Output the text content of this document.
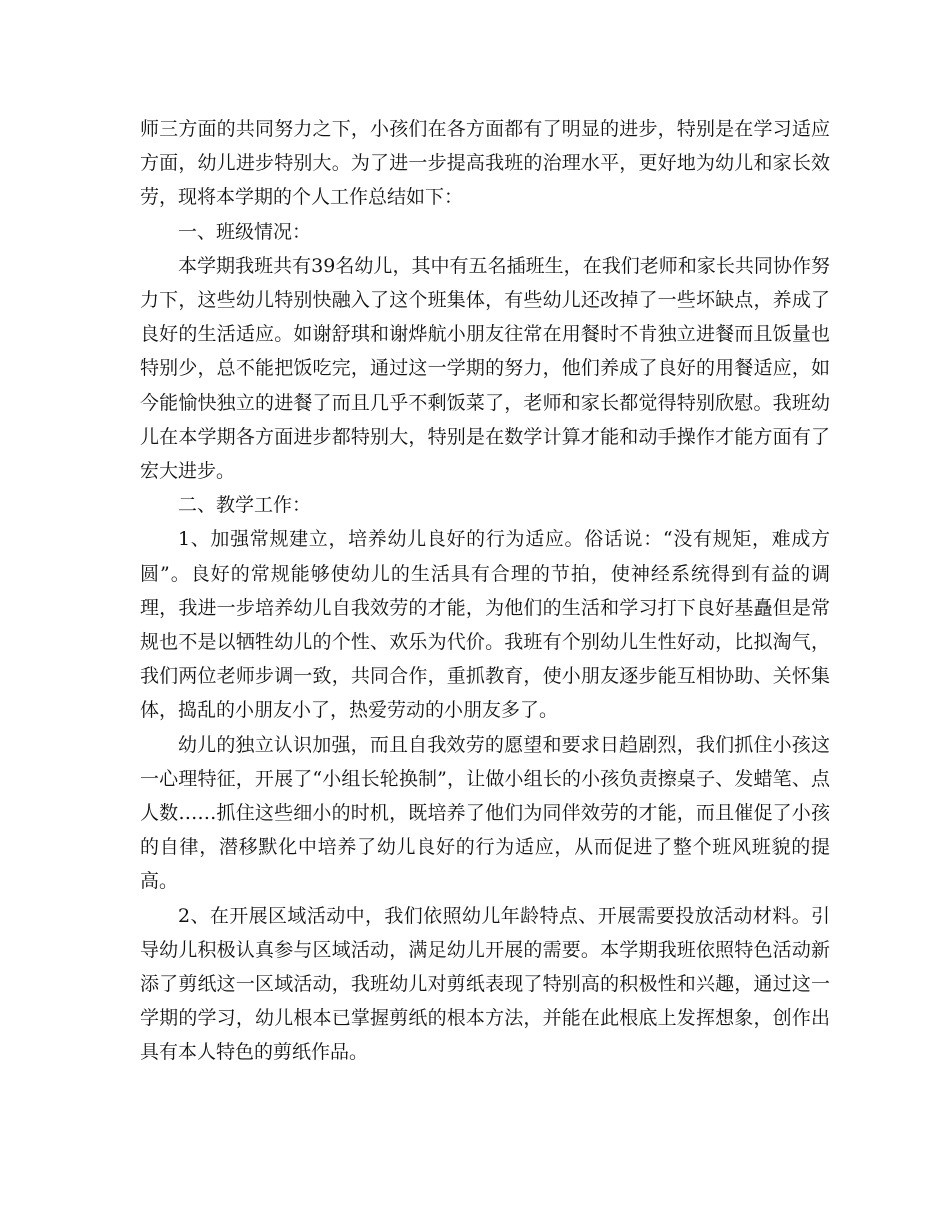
师三方面的共同努力之下，小孩们在各方面都有了明显的进步，特别是在学习适应方面，幼儿进步特别大。为了进一步提高我班的治理水平，更好地为幼儿和家长效劳，现将本学期的个人工作总结如下：

一、班级情况：

本学期我班共有39名幼儿，其中有五名插班生，在我们老师和家长共同协作努力下，这些幼儿特别快融入了这个班集体，有些幼儿还改掉了一些坏缺点，养成了良好的生活适应。如谢舒琪和谢烨航小朋友往常在用餐时不肯独立进餐而且饭量也特别少，总不能把饭吃完，通过这一学期的努力，他们养成了良好的用餐适应，如今能愉快独立的进餐了而且几乎不剩饭菜了，老师和家长都觉得特别欣慰。我班幼儿在本学期各方面进步都特别大，特别是在数学计算才能和动手操作才能方面有了宏大进步。

二、教学工作：

1、加强常规建立，培养幼儿良好的行为适应。俗话说：“没有规矩，难成方圆”。良好的常规能够使幼儿的生活具有合理的节拍，使神经系统得到有益的调理，我进一步培养幼儿自我效劳的才能，为他们的生活和学习打下良好基矗但是常规也不是以牺牲幼儿的个性、欢乐为代价。我班有个别幼儿生性好动，比拟淘气，我们两位老师步调一致，共同合作，重抓教育，使小朋友逐步能互相协助、关怀集体，捣乱的小朋友小了，热爱劳动的小朋友多了。

幼儿的独立认识加强，而且自我效劳的愿望和要求日趋剧烈，我们抓住小孩这一心理特征，开展了“小组长轮换制”，让做小组长的小孩负责擦桌子、发蜡笔、点人数……抓住这些细小的时机，既培养了他们为同伴效劳的才能，而且催促了小孩的自律，潜移默化中培养了幼儿良好的行为适应，从而促进了整个班风班貌的提高。

2、在开展区域活动中，我们依照幼儿年龄特点、开展需要投放活动材料。引导幼儿积极认真参与区域活动，满足幼儿开展的需要。本学期我班依照特色活动新添了剪纸这一区域活动，我班幼儿对剪纸表现了特别高的积极性和兴趣，通过这一学期的学习，幼儿根本已掌握剪纸的根本方法，并能在此根底上发挥想象，创作出具有本人特色的剪纸作品。
